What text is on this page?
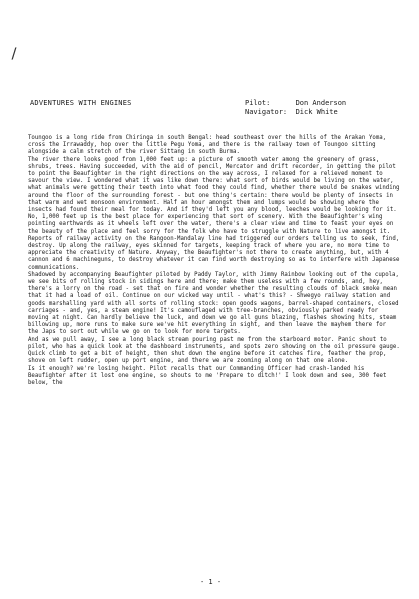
/
ADVENTURES WITH ENGINES	Pilot:      Don Anderson
Navigator:  Dick White

Toungoo is a long ride from Chiringa in south Bengal: head southeast over the hills of the Arakan Yoma, cross the Irrawaddy, hop over the little Pegu Yoma, and there is the railway town of Toungoo sitting alongside a calm stretch of the river Sittang in south Burma.

The river there looks good from 1,000 feet up: a picture of smooth water among the greenery of grass, shrubs, trees. Having succeeded, with the aid of pencil, Mercator and drift recorder, in getting the pilot to point the Beaufighter in the right directions on the way across, I relaxed for a relieved moment to savour the view. I wondered what it was like down there: what sort of birds would be living on the water, what animals were getting their teeth into what food they could find, whether there would be snakes winding around the floor of the surrounding forest - but one thing's certain: there would be plenty of insects in that warm and wet monsoon environment. Half an hour amongst them and lumps would be showing where the insects had found their meal for today. And if they'd left you any blood, leeches would be looking for it.

No, 1,000 feet up is the best place for experiencing that sort of scenery. With the Beaufighter's wing pointing earthwards as it wheels left over the water, there's a clear view and time to feast your eyes on the beauty of the place and feel sorry for the folk who have to struggle with Nature to live amongst it.

Reports of railway activity on the Rangoon-Mandalay line had triggered our orders telling us to seek, find, destroy. Up along the railway, eyes skinned for targets, keeping track of where you are, no more time to appreciate the creativity of Nature. Anyway, the Beaufighter's not there to create anything, but, with 4 cannon and 6 machineguns, to destroy whatever it can find worth destroying so as to interfere with Japanese communications.

Shadowed by accompanying Beaufighter piloted by Paddy Taylor, with Jimmy Rainbow looking out of the cupola, we see bits of rolling stock in sidings here and there; make them useless with a few rounds, and, hey, there's a lorry on the road - set that on fire and wonder whether the resulting clouds of black smoke mean that it had a load of oil. Continue on our wicked way until - what's this? - Shwegyo railway station and goods marshalling yard with all sorts of rolling stock: open goods wagons, barrel-shaped containers, closed carriages - and, yes, a steam engine! It's camouflaged with tree-branches, obviously parked ready for moving at night. Can hardly believe the luck, and down we go all guns blazing, flashes showing hits, steam billowing up, more runs to make sure we've hit everything in sight, and then leave the mayhem there for the Japs to sort out while we go on to look for more targets.

And as we pull away, I see a long black stream pouring past me from the starboard motor. Panic shout to pilot, who has a quick look at the dashboard instruments, and spots zero showing on the oil pressure gauge. Quick climb to get a bit of height, then shut down the engine before it catches fire, feather the prop, shove on left rudder, open up port engine, and there we are zooming along on that one alone.

Is it enough? we're losing height. Pilot recalls that our Commanding Officer had crash-landed his Beaufighter after it lost one engine, so shouts to me 'Prepare to ditch!' I look down and see, 300 feet below, the

- 1 -
